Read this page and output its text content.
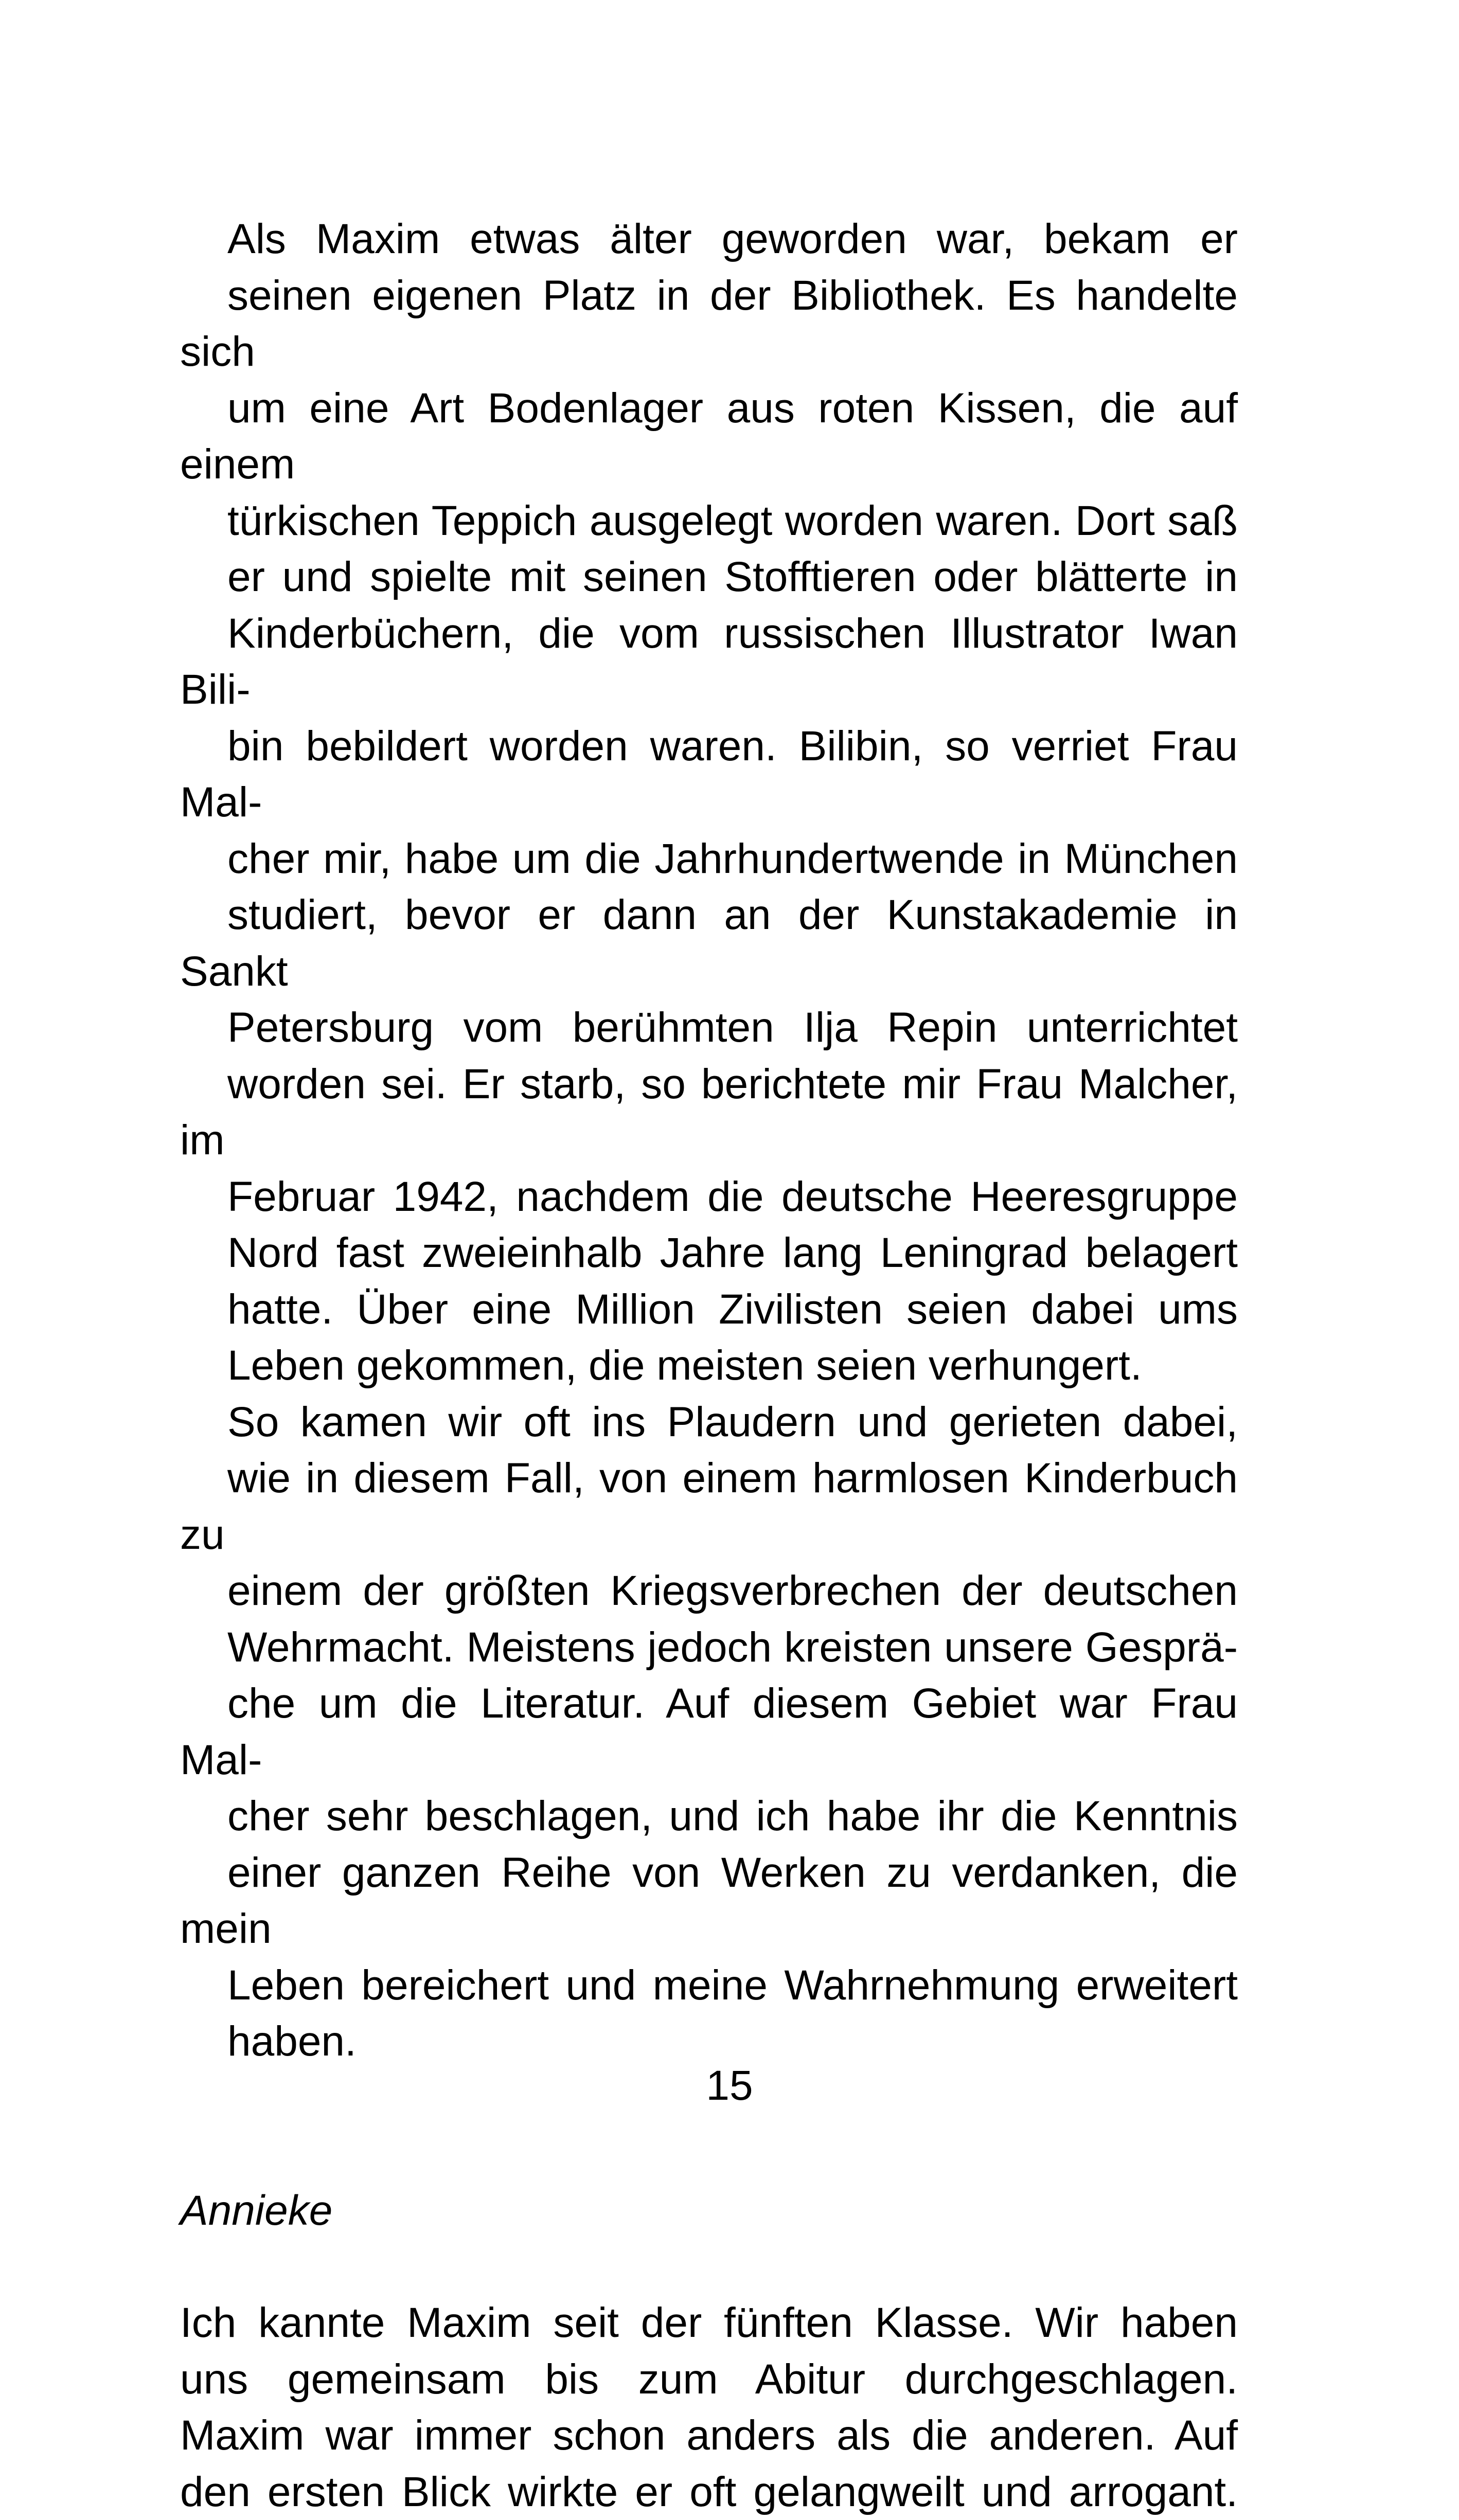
Als Maxim etwas älter geworden war, bekam er
seinen eigenen Platz in der Bibliothek. Es handelte sich
um eine Art Bodenlager aus roten Kissen, die auf einem
türkischen Teppich ausgelegt worden waren. Dort saß
er und spielte mit seinen Stofftieren oder blätterte in
Kinderbüchern, die vom russischen Illustrator Iwan Bili-
bin bebildert worden waren. Bilibin, so verriet Frau Mal-
cher mir, habe um die Jahrhundertwende in München
studiert, bevor er dann an der Kunstakademie in Sankt
Petersburg vom berühmten Ilja Repin unterrichtet
worden sei. Er starb, so berichtete mir Frau Malcher, im
Februar 1942, nachdem die deutsche Heeresgruppe
Nord fast zweieinhalb Jahre lang Leningrad belagert
hatte. Über eine Million Zivilisten seien dabei ums
Leben gekommen, die meisten seien verhungert.

So kamen wir oft ins Plaudern und gerieten dabei,
wie in diesem Fall, von einem harmlosen Kinderbuch zu
einem der größten Kriegsverbrechen der deutschen
Wehrmacht. Meistens jedoch kreisten unsere Gesprä-
che um die Literatur. Auf diesem Gebiet war Frau Mal-
cher sehr beschlagen, und ich habe ihr die Kenntnis
einer ganzen Reihe von Werken zu verdanken, die mein
Leben bereichert und meine Wahrnehmung erweitert
haben.

Annieke

Ich kannte Maxim seit der fünften Klasse. Wir haben
uns gemeinsam bis zum Abitur durchgeschlagen.
Maxim war immer schon anders als die anderen. Auf
den ersten Blick wirkte er oft gelangweilt und arrogant.

15
